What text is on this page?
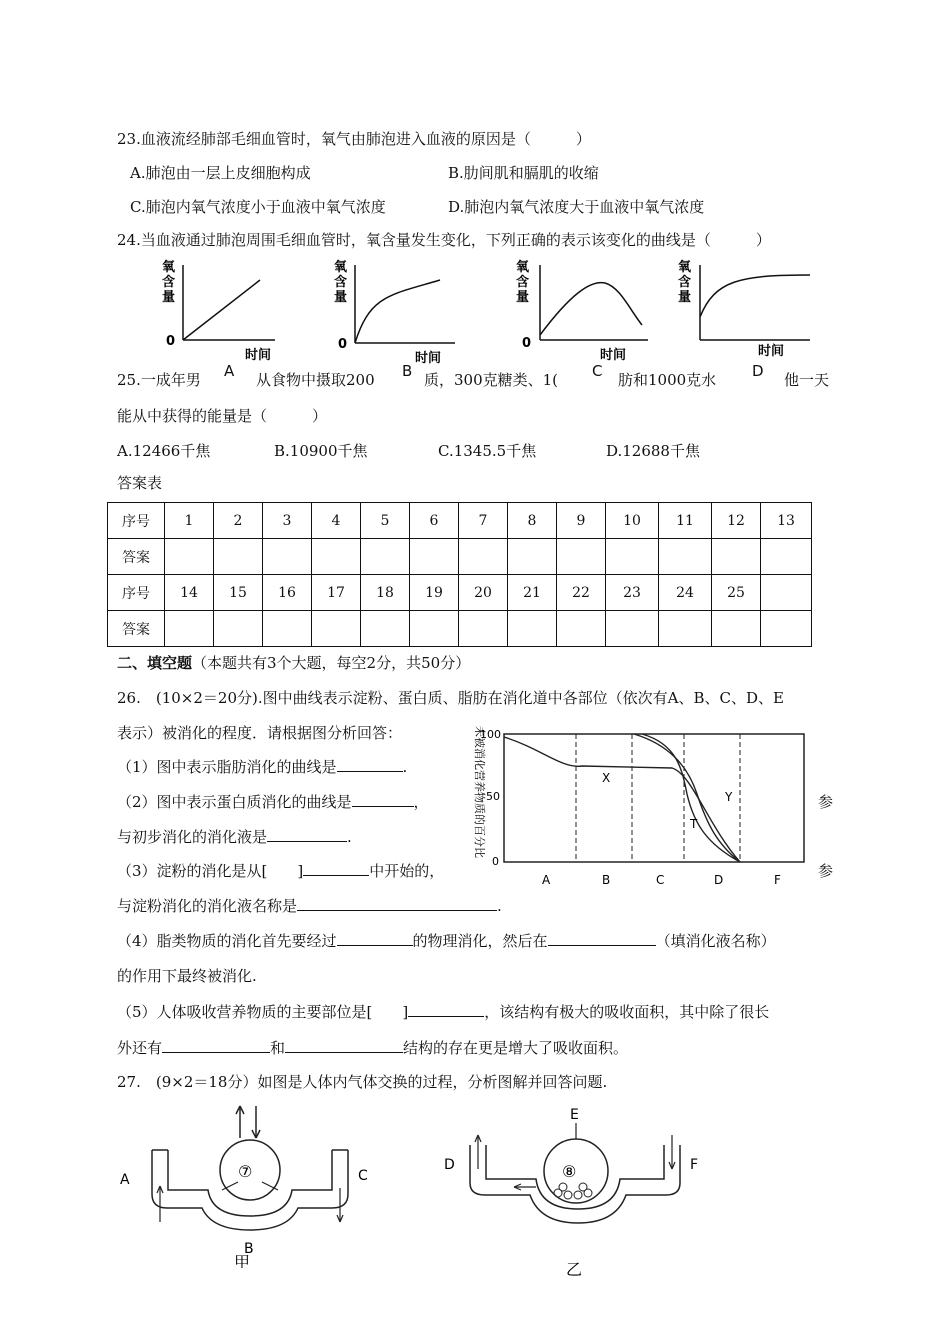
23.血液流经肺部毛细血管时，氧气由肺泡进入血液的原因是（　　　）
A.肺泡由一层上皮细胞构成	B.肋间肌和膈肌的收缩
C.肺泡内氧气浓度小于血液中氧气浓度	D.肺泡内氧气浓度大于血液中氧气浓度
24.当血液通过肺泡周围毛细血管时，氧含量发生变化，下列正确的表示该变化的曲线是（　　　）
氧
含
量
0
时间
氧
含
量
0
时间
氧
含
量
0
时间
氧
含
量
时间
25.一成年男	从食物中摄取200	质，300克糖类、1(	肪和1000克水	他一天
A	B	C	D
能从中获得的能量是（　　　）
A.12466千焦	B.10900千焦	C.1345.5千焦	D.12688千焦
答案表
序号	1	2	3	4	5	6	7	8	9	10	11	12	13
答案													
序号	14	15	16	17	18	19	20	21	22	23	24	25	
答案													
二、填空题（本题共有3个大题，每空2分，共50分）
26.　(10×2＝20分).图中曲线表示淀粉、蛋白质、脂肪在消化道中各部位（依次有A、B、C、D、E
表示）被消化的程度．请根据图分析回答：
（1）图中表示脂肪消化的曲线是	.
（2）图中表示蛋白质消化的曲线是	，	参
与初步消化的消化液是	.
（3）淀粉的消化是从[　　]	中开始的，	参
与淀粉消化的消化液名称是	.
（4）脂类物质的消化首先要经过	的物理消化，然后在	（填消化液名称）
的作用下最终被消化.
（5）人体吸收营养物质的主要部位是[　　]	，该结构有极大的吸收面积，其中除了很长
外还有	和	结构的存在更是增大了吸收面积。
未被消化营养物质的百分比
100
50
0
X
Y
T
A	B	C	D	F
27.　(9×2＝18分）如图是人体内气体交换的过程，分析图解并回答问题.
⑦
A
B
C
甲
⑧
E
D	F
乙
